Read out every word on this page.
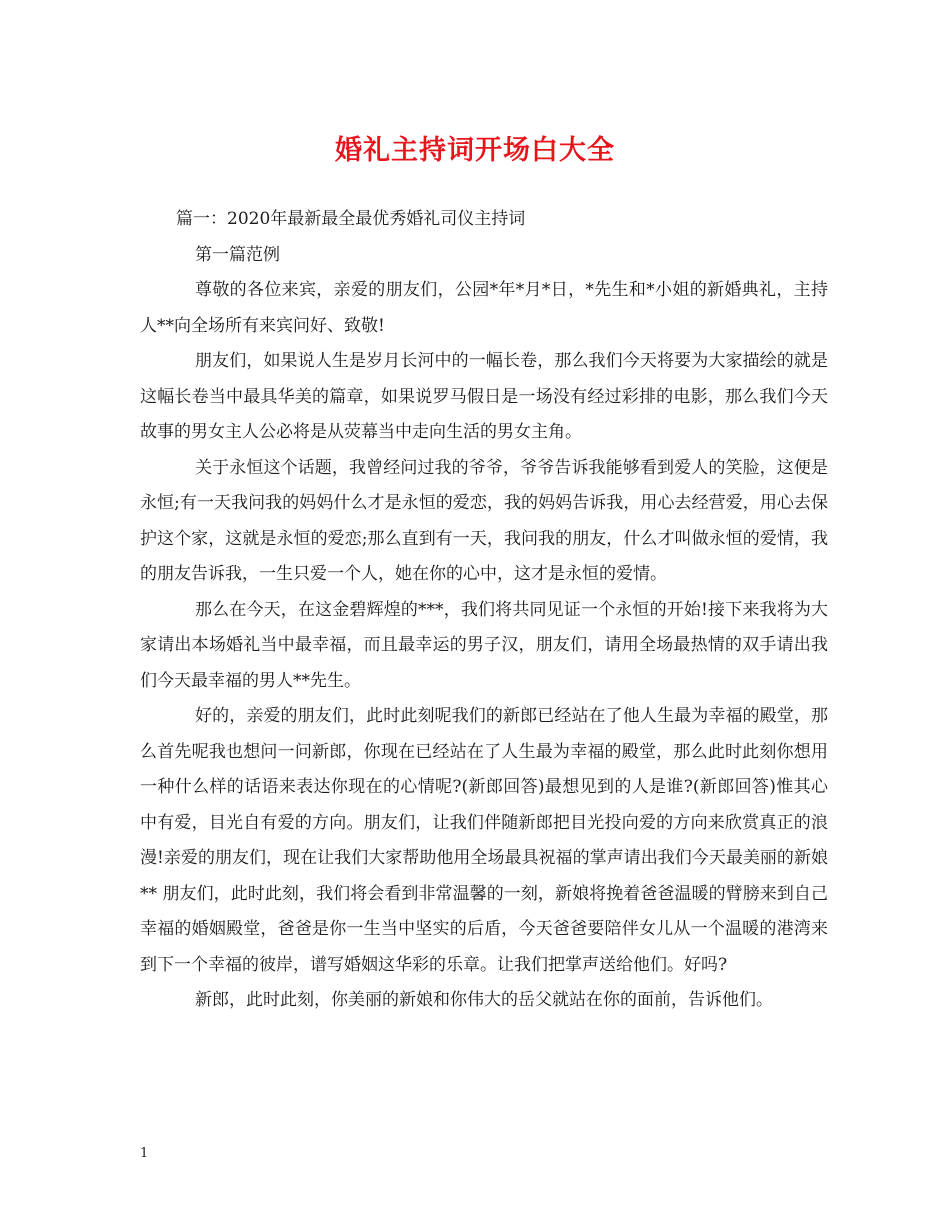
婚礼主持词开场白大全

篇一：2020年最新最全最优秀婚礼司仪主持词

第一篇范例

尊敬的各位来宾，亲爱的朋友们，公园*年*月*日，*先生和*小姐的新婚典礼，主持人**向全场所有来宾问好、致敬!

朋友们，如果说人生是岁月长河中的一幅长卷，那么我们今天将要为大家描绘的就是这幅长卷当中最具华美的篇章，如果说罗马假日是一场没有经过彩排的电影，那么我们今天故事的男女主人公必将是从荧幕当中走向生活的男女主角。

关于永恒这个话题，我曾经问过我的爷爷，爷爷告诉我能够看到爱人的笑脸，这便是永恒;有一天我问我的妈妈什么才是永恒的爱恋，我的妈妈告诉我，用心去经营爱，用心去保护这个家，这就是永恒的爱恋;那么直到有一天，我问我的朋友，什么才叫做永恒的爱情，我的朋友告诉我，一生只爱一个人，她在你的心中，这才是永恒的爱情。

那么在今天，在这金碧辉煌的***，我们将共同见证一个永恒的开始!接下来我将为大家请出本场婚礼当中最幸福，而且最幸运的男子汉，朋友们，请用全场最热情的双手请出我们今天最幸福的男人**先生。

好的，亲爱的朋友们，此时此刻呢我们的新郎已经站在了他人生最为幸福的殿堂，那么首先呢我也想问一问新郎，你现在已经站在了人生最为幸福的殿堂，那么此时此刻你想用一种什么样的话语来表达你现在的心情呢?(新郎回答)最想见到的人是谁?(新郎回答)惟其心中有爱，目光自有爱的方向。朋友们，让我们伴随新郎把目光投向爱的方向来欣赏真正的浪漫!亲爱的朋友们，现在让我们大家帮助他用全场最具祝福的掌声请出我们今天最美丽的新娘** 朋友们，此时此刻，我们将会看到非常温馨的一刻，新娘将挽着爸爸温暖的臂膀来到自己幸福的婚姻殿堂，爸爸是你一生当中坚实的后盾，今天爸爸要陪伴女儿从一个温暖的港湾来到下一个幸福的彼岸，谱写婚姻这华彩的乐章。让我们把掌声送给他们。好吗?

新郎，此时此刻，你美丽的新娘和你伟大的岳父就站在你的面前，告诉他们。

1
